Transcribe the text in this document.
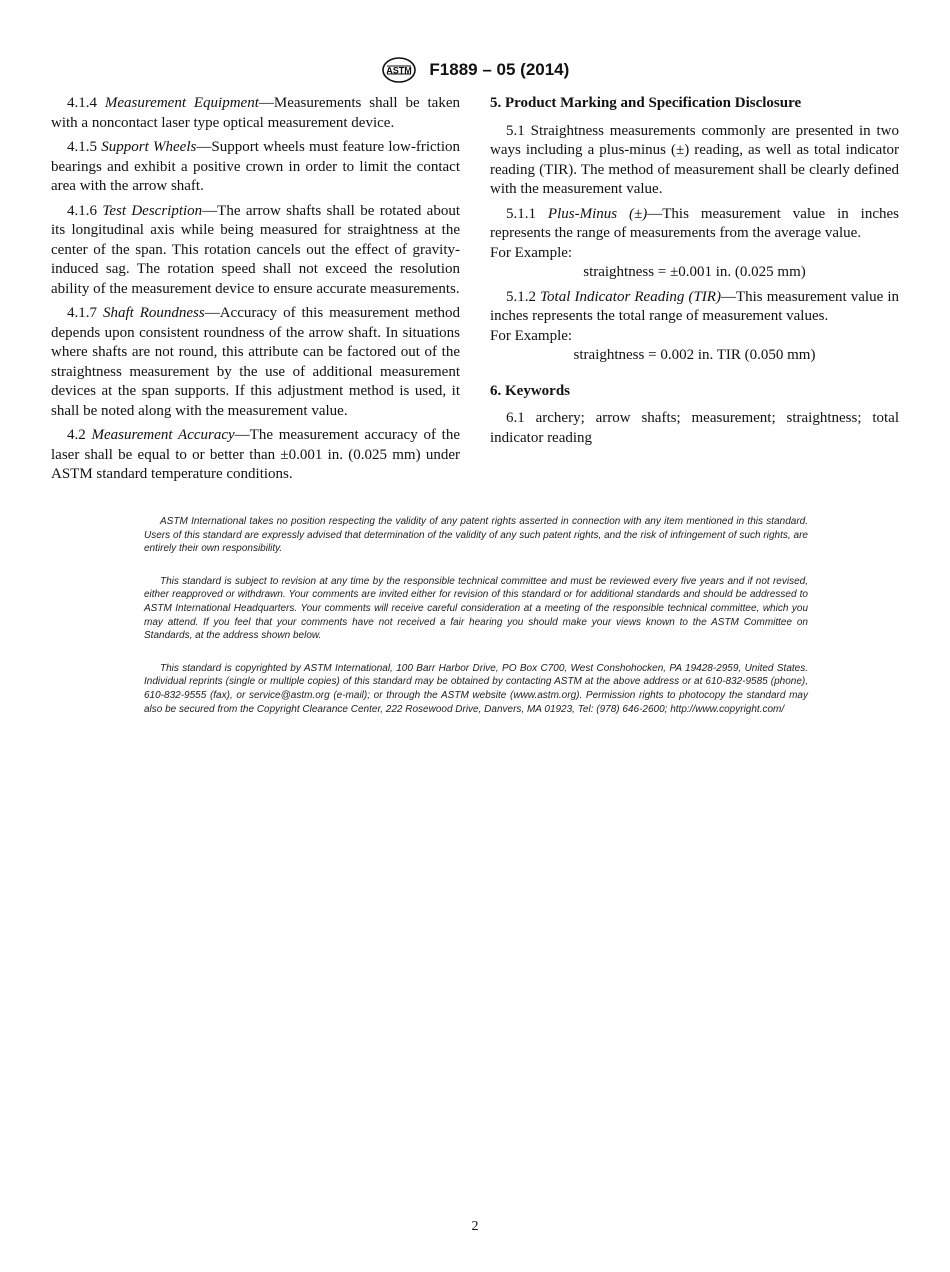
ASTM F1889 – 05 (2014)

4.1.4 Measurement Equipment—Measurements shall be taken with a noncontact laser type optical measurement device.

4.1.5 Support Wheels—Support wheels must feature low-friction bearings and exhibit a positive crown in order to limit the contact area with the arrow shaft.

4.1.6 Test Description—The arrow shafts shall be rotated about its longitudinal axis while being measured for straightness at the center of the span. This rotation cancels out the effect of gravity-induced sag. The rotation speed shall not exceed the resolution ability of the measurement device to ensure accurate measurements.

4.1.7 Shaft Roundness—Accuracy of this measurement method depends upon consistent roundness of the arrow shaft. In situations where shafts are not round, this attribute can be factored out of the straightness measurement by the use of additional measurement devices at the span supports. If this adjustment method is used, it shall be noted along with the measurement value.

4.2 Measurement Accuracy—The measurement accuracy of the laser shall be equal to or better than ±0.001 in. (0.025 mm) under ASTM standard temperature conditions.

5. Product Marking and Specification Disclosure

5.1 Straightness measurements commonly are presented in two ways including a plus-minus (±) reading, as well as total indicator reading (TIR). The method of measurement shall be clearly defined with the measurement value.

5.1.1 Plus-Minus (±)—This measurement value in inches represents the range of measurements from the average value.

For Example:

straightness = ±0.001 in. (0.025 mm)

5.1.2 Total Indicator Reading (TIR)—This measurement value in inches represents the total range of measurement values.

For Example:

straightness = 0.002 in. TIR (0.050 mm)
6. Keywords

6.1 archery; arrow shafts; measurement; straightness; total indicator reading

ASTM International takes no position respecting the validity of any patent rights asserted in connection with any item mentioned in this standard. Users of this standard are expressly advised that determination of the validity of any such patent rights, and the risk of infringement of such rights, are entirely their own responsibility.

This standard is subject to revision at any time by the responsible technical committee and must be reviewed every five years and if not revised, either reapproved or withdrawn. Your comments are invited either for revision of this standard or for additional standards and should be addressed to ASTM International Headquarters. Your comments will receive careful consideration at a meeting of the responsible technical committee, which you may attend. If you feel that your comments have not received a fair hearing you should make your views known to the ASTM Committee on Standards, at the address shown below.

This standard is copyrighted by ASTM International, 100 Barr Harbor Drive, PO Box C700, West Conshohocken, PA 19428-2959, United States. Individual reprints (single or multiple copies) of this standard may be obtained by contacting ASTM at the above address or at 610-832-9585 (phone), 610-832-9555 (fax), or service@astm.org (e-mail); or through the ASTM website (www.astm.org). Permission rights to photocopy the standard may also be secured from the Copyright Clearance Center, 222 Rosewood Drive, Danvers, MA 01923, Tel: (978) 646-2600; http://www.copyright.com/

2
